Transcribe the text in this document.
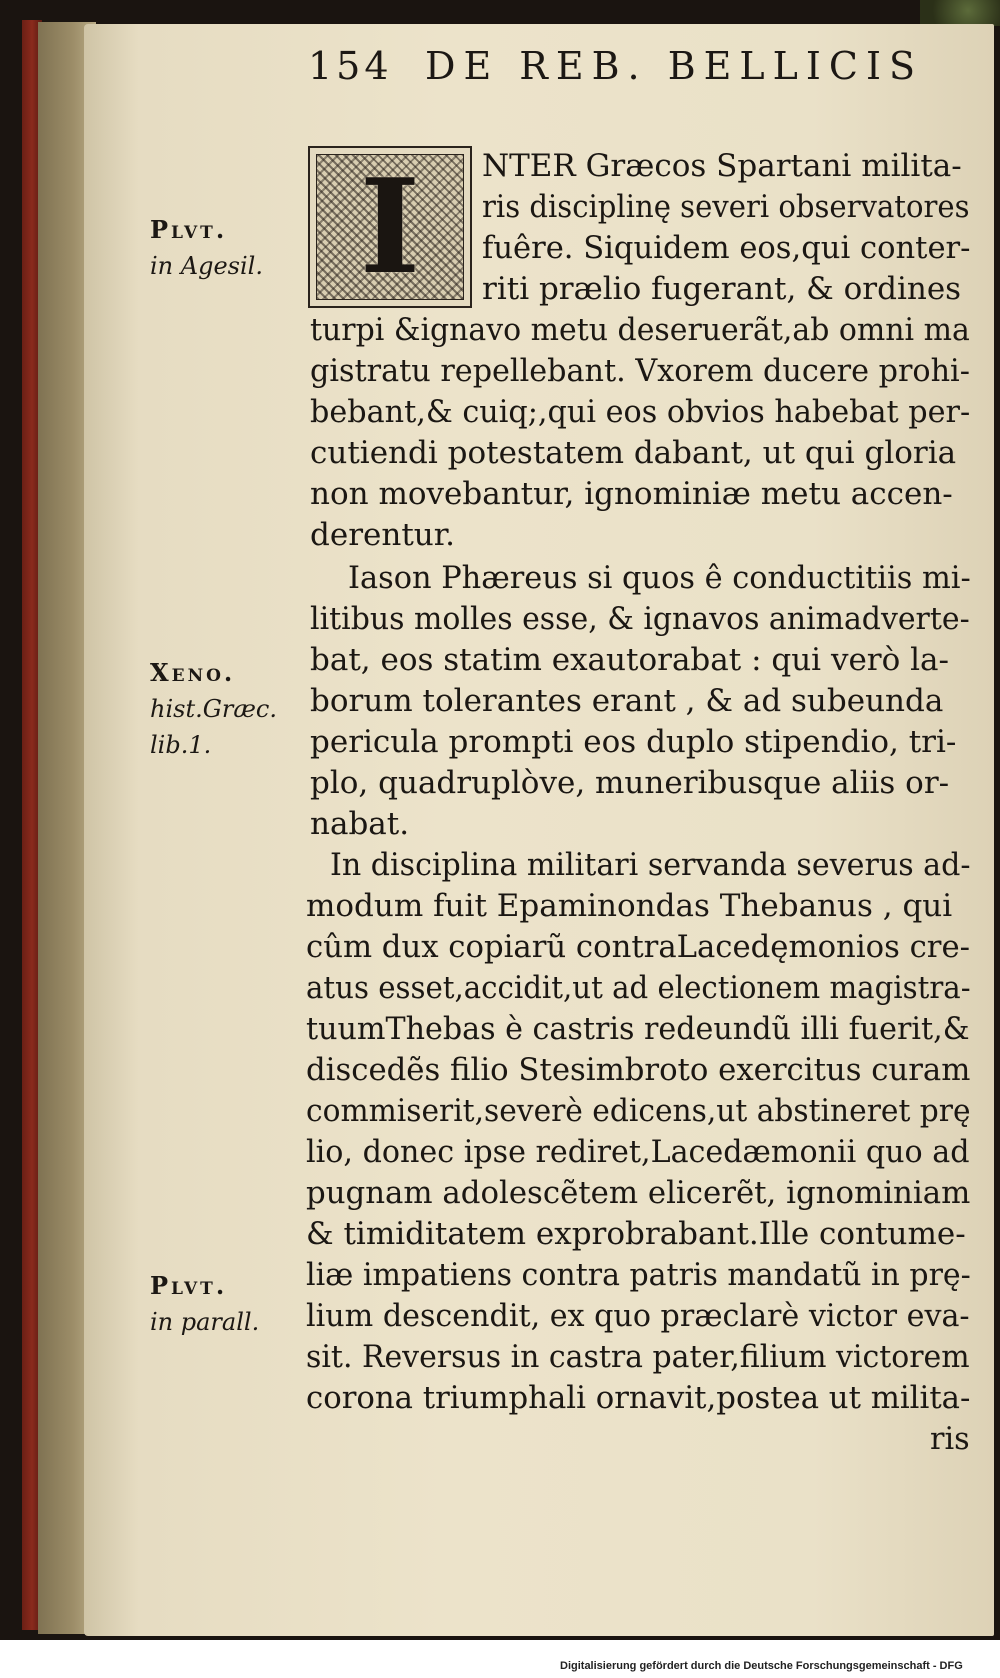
154 DE REB. BELLICIS
I
Plvt.
in Agesil.
Xeno.
hist.Græc.
lib.1.
Plvt.
in parall.
NTER Græcos Spartani milita-
ris disciplinę severi observatores
fuêre. Siquidem eos,qui conter-
riti prælio fugerant, & ordines
turpi &ignavo metu deseruerãt,ab omni ma
gistratu repellebant. Vxorem ducere prohi-
bebant,& cuiq;,qui eos obvios habebat per-
cutiendi potestatem dabant, ut qui gloria
non movebantur, ignominiæ metu accen-
derentur.
Iason Phæreus si quos ê conductitiis mi-
litibus molles esse, & ignavos animadverte-
bat, eos statim exautorabat : qui verò la-
borum tolerantes erant , & ad subeunda
pericula prompti eos duplo stipendio, tri-
plo, quadruplòve, muneribusque aliis or-
nabat.
In disciplina militari servanda severus ad-
modum fuit Epaminondas Thebanus , qui
cûm dux copiarũ contraLacedęmonios cre-
atus esset,accidit,ut ad electionem magistra-
tuumThebas è castris redeundũ illi fuerit,&
discedẽs filio Stesimbroto exercitus curam
commiserit,severè edicens,ut abstineret prę
lio, donec ipse rediret,Lacedæmonii quo ad
pugnam adolescẽtem elicerẽt, ignominiam
& timiditatem exprobrabant.Ille contume-
liæ impatiens contra patris mandatũ in prę-
lium descendit, ex quo præclarè victor eva-
sit. Reversus in castra pater,filium victorem
corona triumphali ornavit,postea ut milita-
ris
Digitalisierung gefördert durch die Deutsche Forschungsgemeinschaft - DFG
